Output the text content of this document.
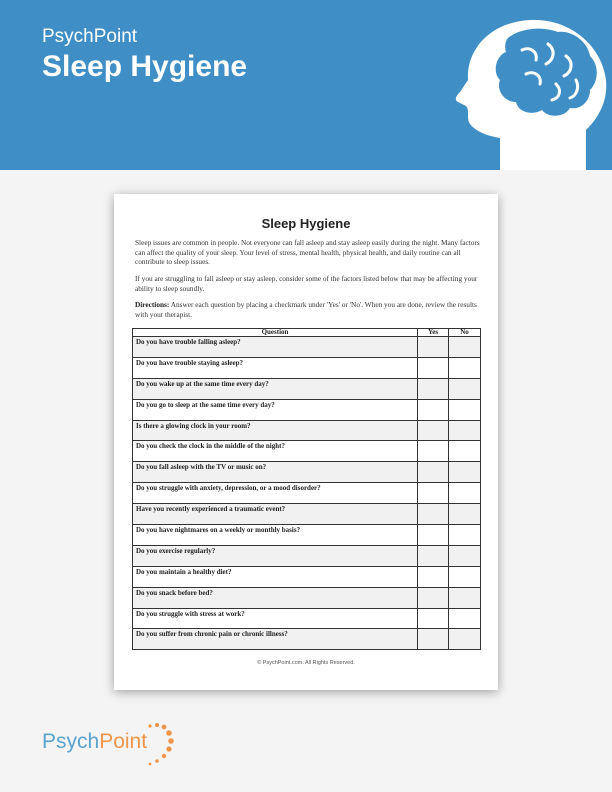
PsychPoint
Sleep Hygiene
Sleep Hygiene

Sleep issues are common in people. Not everyone can fall asleep and stay asleep easily during the night. Many factors can affect the quality of your sleep. Your level of stress, mental health, physical health, and daily routine can all contribute to sleep issues.

If you are struggling to fall asleep or stay asleep, consider some of the factors listed below that may be affecting your ability to sleep soundly.

Directions: Answer each question by placing a checkmark under 'Yes' or 'No'. When you are done, review the results with your therapist.

Question	Yes	No
Do you have trouble falling asleep?		
Do you have trouble staying asleep?		
Do you wake up at the same time every day?		
Do you go to sleep at the same time every day?		
Is there a glowing clock in your room?		
Do you check the clock in the middle of the night?		
Do you fall asleep with the TV or music on?		
Do you struggle with anxiety, depression, or a mood disorder?		
Have you recently experienced a traumatic event?		
Do you have nightmares on a weekly or monthly basis?		
Do you exercise regularly?		
Do you maintain a healthy diet?		
Do you snack before bed?		
Do you struggle with stress at work?		
Do you suffer from chronic pain or chronic illness?		
© PsychPoint.com. All Rights Reserved.
PsychPoint
